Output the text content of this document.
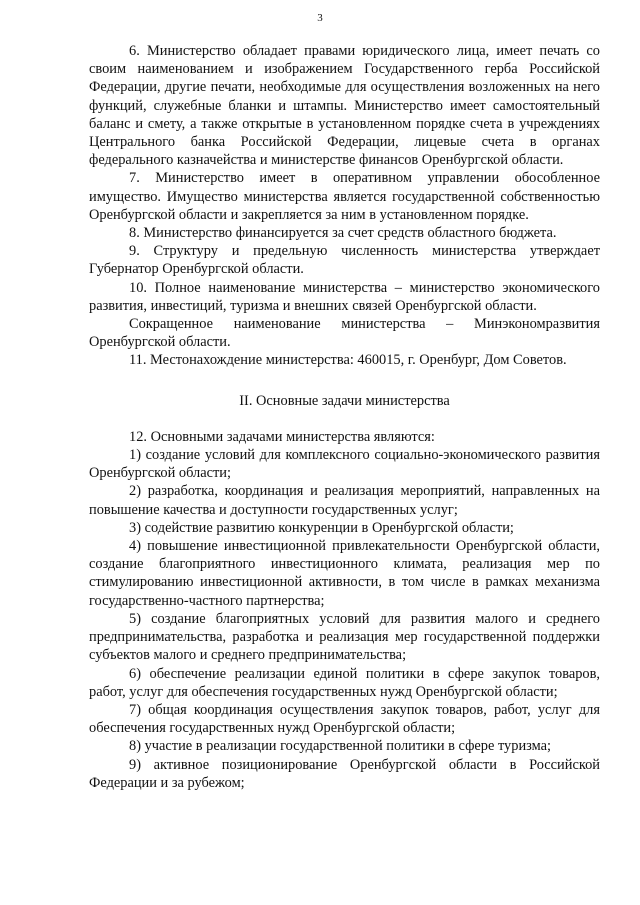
3

6. Министерство обладает правами юридического лица, имеет печать со своим наименованием и изображением Государственного герба Российской Федерации, другие печати, необходимые для осуществления возложенных на него функций, служебные бланки и штампы. Министерство имеет самостоятельный баланс и смету, а также открытые в установленном порядке счета в учреждениях Центрального банка Российской Федерации, лицевые счета в органах федерального казначейства и министерстве финансов Оренбургской области.

7. Министерство имеет в оперативном управлении обособленное имущество. Имущество министерства является государственной собственностью Оренбургской области и закрепляется за ним в установленном порядке.

8. Министерство финансируется за счет средств областного бюджета.

9. Структуру и предельную численность министерства утверждает Губернатор Оренбургской области.

10. Полное наименование министерства – министерство экономического развития, инвестиций, туризма и внешних связей Оренбургской области.

Сокращенное наименование министерства – Минэкономразвития Оренбургской области.

11. Местонахождение министерства: 460015, г. Оренбург, Дом Советов.

II. Основные задачи министерства

12. Основными задачами министерства являются:

1) создание условий для комплексного социально-экономического развития Оренбургской области;

2) разработка, координация и реализация мероприятий, направленных на повышение качества и доступности государственных услуг;

3) содействие развитию конкуренции в Оренбургской области;

4) повышение инвестиционной привлекательности Оренбургской области, создание благоприятного инвестиционного климата, реализация мер по стимулированию инвестиционной активности, в том числе в рамках механизма государственно-частного партнерства;

5) создание благоприятных условий для развития малого и среднего предпринимательства, разработка и реализация мер государственной поддержки субъектов малого и среднего предпринимательства;

6) обеспечение реализации единой политики в сфере закупок товаров, работ, услуг для обеспечения государственных нужд Оренбургской области;

7) общая координация осуществления закупок товаров, работ, услуг для обеспечения государственных нужд Оренбургской области;

8) участие в реализации государственной политики в сфере туризма;

9) активное позиционирование Оренбургской области в Российской Федерации и за рубежом;
